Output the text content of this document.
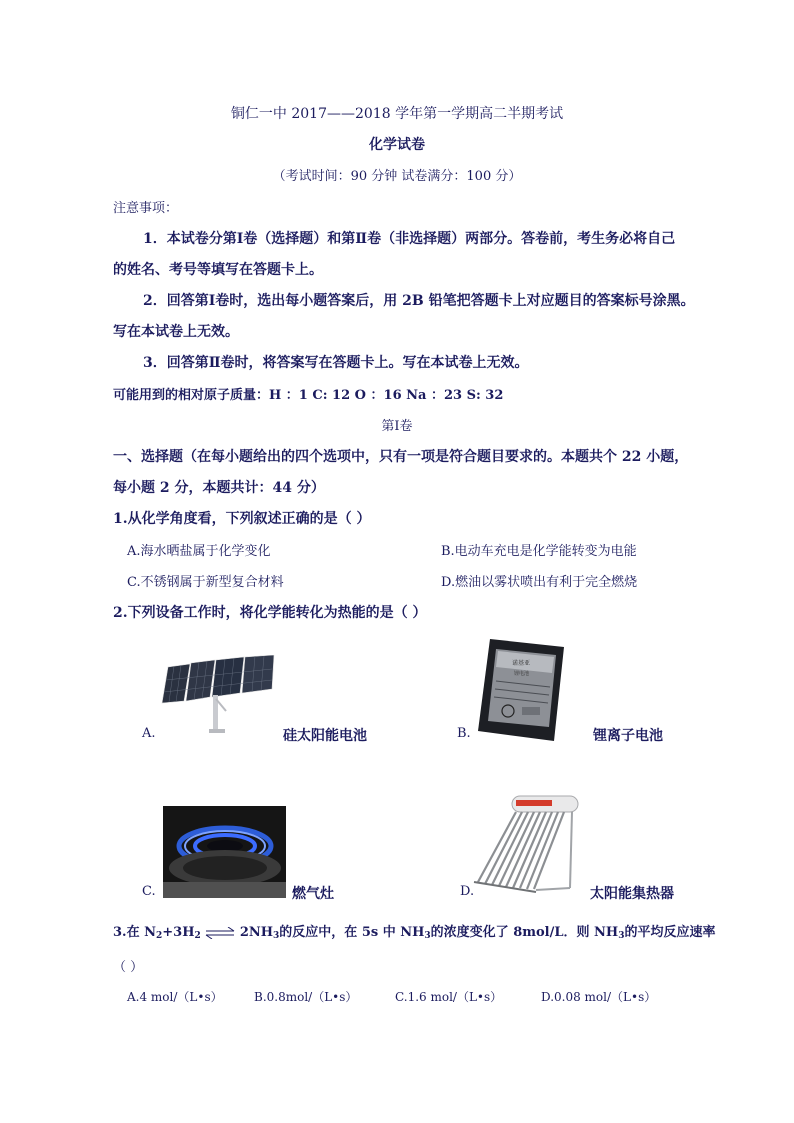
铜仁一中 2017——2018 学年第一学期高二半期考试
化学试卷
（考试时间：90 分钟 试卷满分：100 分）
注意事项：
1．本试卷分第Ⅰ卷（选择题）和第Ⅱ卷（非选择题）两部分。答卷前，考生务必将自己
的姓名、考号等填写在答题卡上。
2．回答第Ⅰ卷时，选出每小题答案后，用 2B 铅笔把答题卡上对应题目的答案标号涂黑。
写在本试卷上无效。
3．回答第Ⅱ卷时，将答案写在答题卡上。写在本试卷上无效。
可能用到的相对原子质量：H ：1 C: 12 O ：16 Na ：23 S: 32
第Ⅰ卷
一、选择题（在每小题给出的四个选项中，只有一项是符合题目要求的。本题共个 22 小题，
每小题 2 分，本题共计：44 分）
1.从化学角度看，下列叙述正确的是（ ）
A.海水晒盐属于化学变化	B.电动车充电是化学能转变为电能
C.不锈钢属于新型复合材料	D.燃油以雾状喷出有利于完全燃烧
2.下列设备工作时，将化学能转化为热能的是（ ）
A.	硅太阳能电池
诺基亚
锂电池
B.	锂离子电池
C.	燃气灶	D.	太阳能集热器
3.在 $N_2+3H_2$ ⇌ $2NH_3$的反应中，在 5s 中 $NH_3$的浓度变化了 8mol/L．则 $NH_3$的平均反应速率
（ ）
A.4 mol/（L•s）	B.0.8mol/（L•s）	C.1.6 mol/（L•s）	D.0.08 mol/（L•s）
